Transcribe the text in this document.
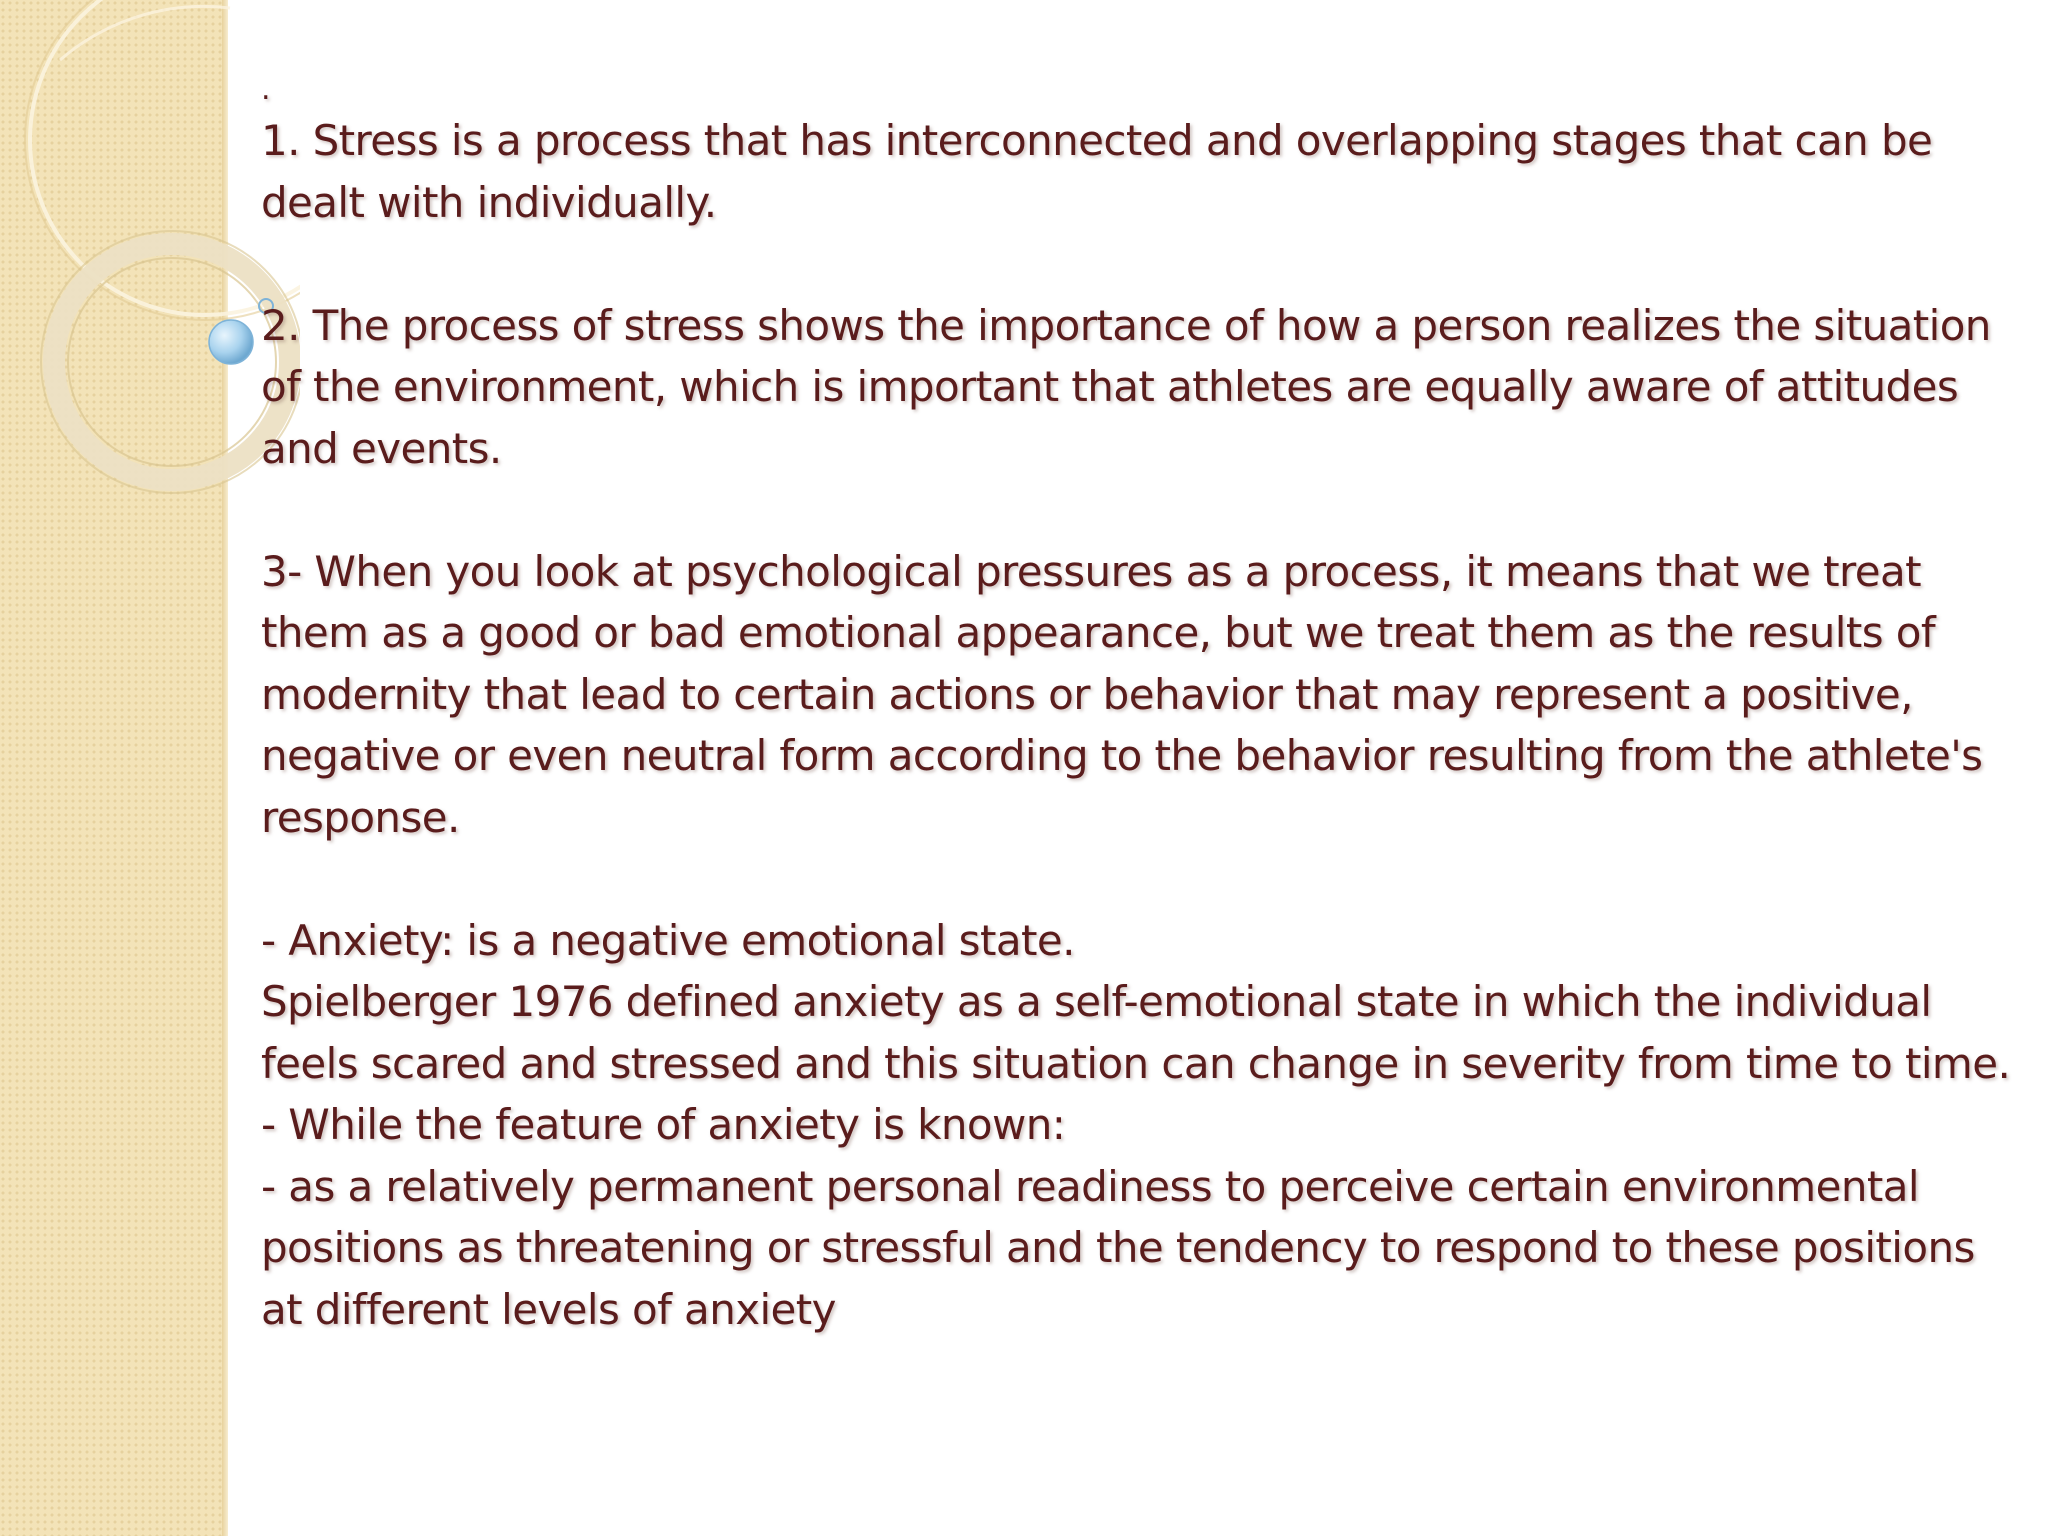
.

1. Stress is a process that has interconnected and overlapping stages that can be dealt with individually.

2. The process of stress shows the importance of how a person realizes the situation of the environment, which is important that athletes are equally aware of attitudes and events.

3- When you look at psychological pressures as a process, it means that we treat them as a good or bad emotional appearance, but we treat them as the results of modernity that lead to certain actions or behavior that may represent a positive, negative or even neutral form according to the behavior resulting from the athlete's response.

- Anxiety: is a negative emotional state.

Spielberger 1976 defined anxiety as a self-emotional state in which the individual feels scared and stressed and this situation can change in severity from time to time.

- While the feature of anxiety is known:

- as a relatively permanent personal readiness to perceive certain environmental positions as threatening or stressful and the tendency to respond to these positions at different levels of anxiety
